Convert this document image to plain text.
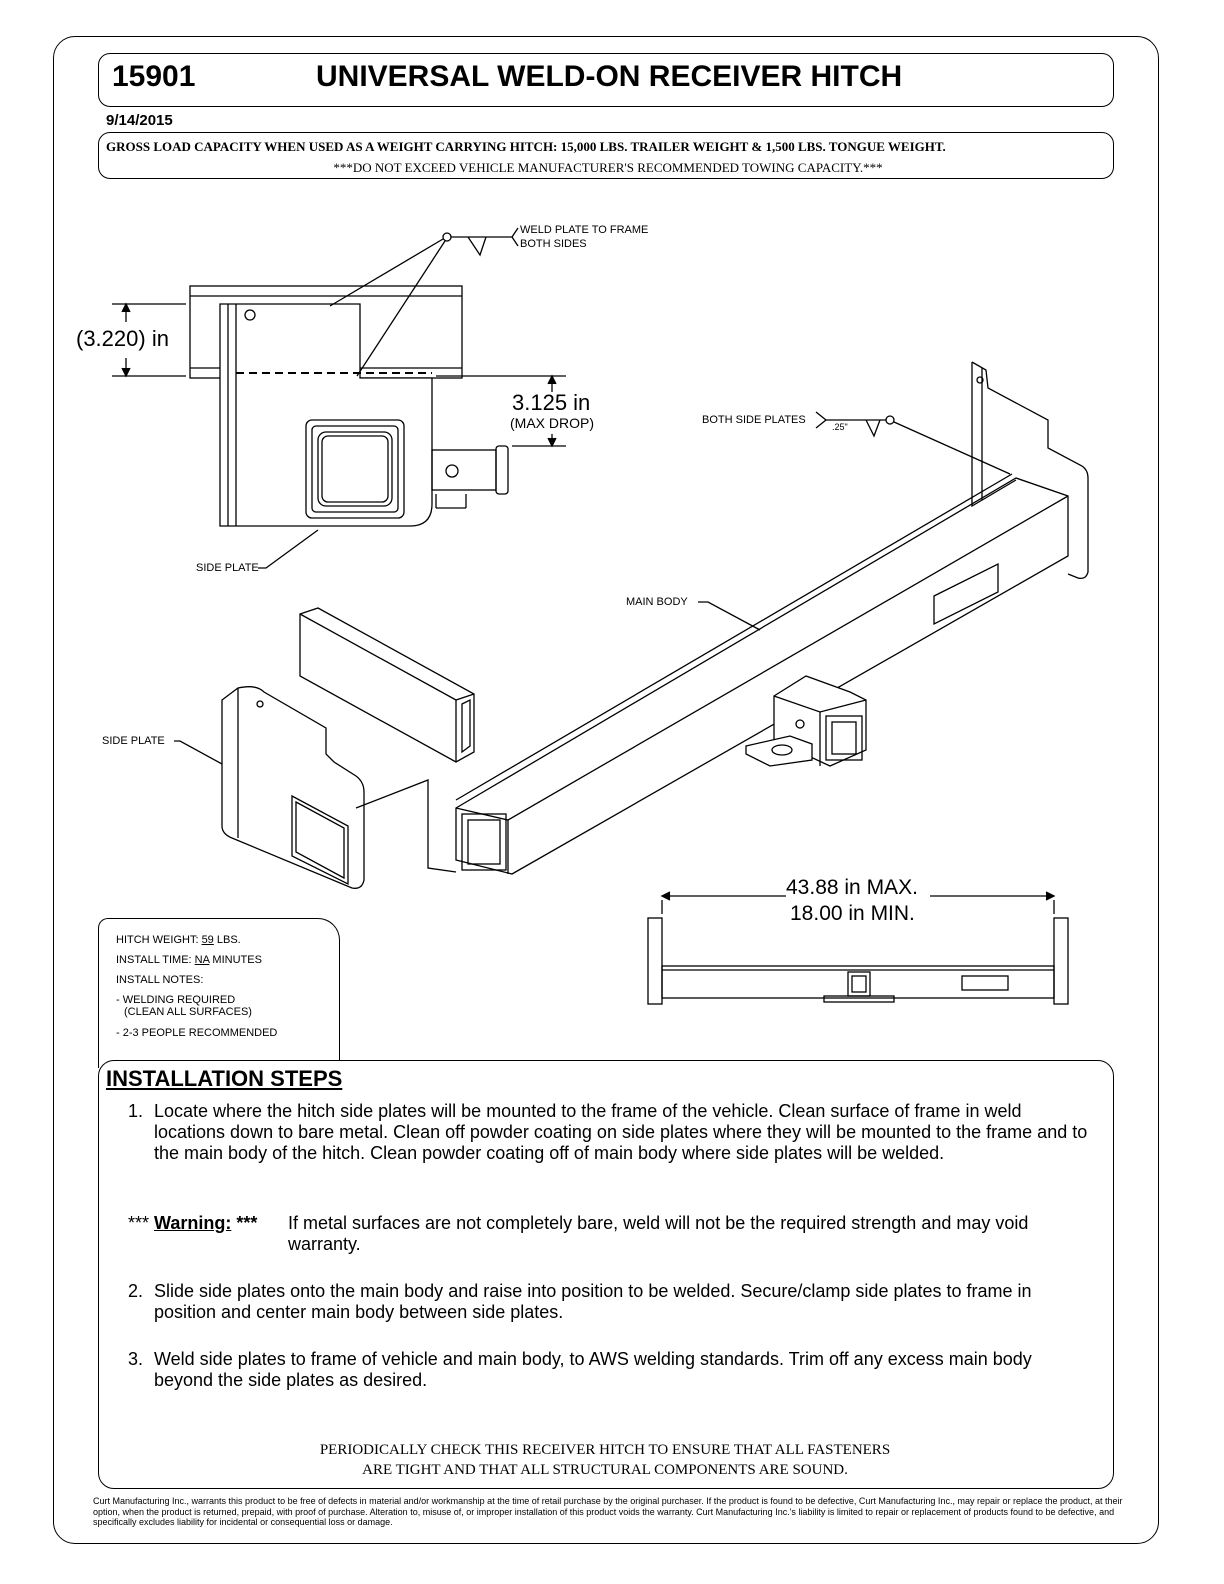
15901	UNIVERSAL WELD-ON RECEIVER HITCH
9/14/2015
GROSS LOAD CAPACITY WHEN USED AS A WEIGHT CARRYING HITCH: 15,000 LBS. TRAILER WEIGHT & 1,500 LBS. TONGUE WEIGHT.
***DO NOT EXCEED VEHICLE MANUFACTURER'S RECOMMENDED TOWING CAPACITY.***
WELD PLATE TO FRAME
BOTH SIDES
(3.220) in
3.125 in
(MAX DROP)
SIDE PLATE
SIDE PLATE
BOTH SIDE PLATES
.25"
MAIN BODY
43.88 in MAX.
18.00 in MIN.
HITCH WEIGHT: 59 LBS.
INSTALL TIME: NA MINUTES
INSTALL NOTES:
- WELDING REQUIRED
(CLEAN ALL SURFACES)
- 2-3 PEOPLE RECOMMENDED
INSTALLATION STEPS
1. Locate where the hitch side plates will be mounted to the frame of the vehicle. Clean surface of frame in weld locations down to bare metal. Clean off powder coating on side plates where they will be mounted to the frame and to the main body of the hitch. Clean powder coating off of main body where side plates will be welded.
*** Warning: *** If metal surfaces are not completely bare, weld will not be the required strength and may void warranty.
2. Slide side plates onto the main body and raise into position to be welded. Secure/clamp side plates to frame in position and center main body between side plates.
3. Weld side plates to frame of vehicle and main body, to AWS welding standards. Trim off any excess main body beyond the side plates as desired.
PERIODICALLY CHECK THIS RECEIVER HITCH TO ENSURE THAT ALL FASTENERS
ARE TIGHT AND THAT ALL STRUCTURAL COMPONENTS ARE SOUND.
Curt Manufacturing Inc., warrants this product to be free of defects in material and/or workmanship at the time of retail purchase by the original purchaser. If the product is found to be defective, Curt Manufacturing Inc., may repair or replace the product, at their option, when the product is returned, prepaid, with proof of purchase. Alteration to, misuse of, or improper installation of this product voids the warranty. Curt Manufacturing Inc.'s liability is limited to repair or replacement of products found to be defective, and specifically excludes liability for incidental or consequential loss or damage.
